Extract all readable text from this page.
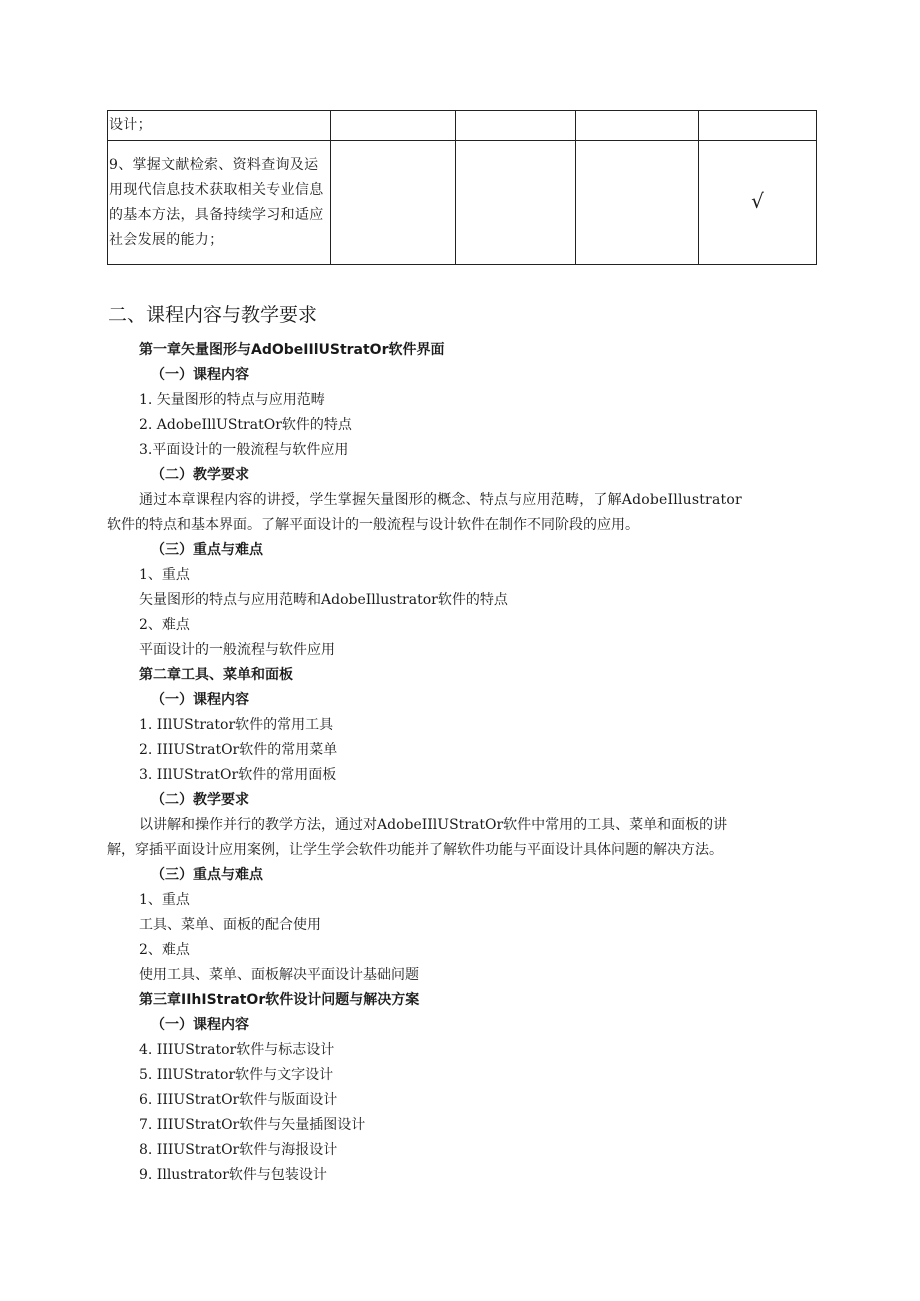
设计；				

9、掌握文献检索、资料查询及运用现代信息技术获取相关专业信息的基本方法，具备持续学习和适应社会发展的能力；				√
二、课程内容与教学要求
第一章矢量图形与AdObeIIlUStratOr软件界面
（一）课程内容
1. 矢量图形的特点与应用范畴
2. AdobeIllUStratOr软件的特点
3.平面设计的一般流程与软件应用
（二）教学要求
通过本章课程内容的讲授，学生掌握矢量图形的概念、特点与应用范畴，了解AdobeIllustrator
软件的特点和基本界面。了解平面设计的一般流程与设计软件在制作不同阶段的应用。
（三）重点与难点
1、重点
矢量图形的特点与应用范畴和AdobeIllustrator软件的特点
2、难点
平面设计的一般流程与软件应用
第二章工具、菜单和面板
（一）课程内容
1. IIlUStrator软件的常用工具
2. IIIUStratOr软件的常用菜单
3. IIlUStratOr软件的常用面板
（二）教学要求
以讲解和操作并行的教学方法，通过对AdobeIIlUStratOr软件中常用的工具、菜单和面板的讲
解，穿插平面设计应用案例，让学生学会软件功能并了解软件功能与平面设计具体问题的解决方法。
（三）重点与难点
1、重点
工具、菜单、面板的配合使用
2、难点
使用工具、菜单、面板解决平面设计基础问题
第三章IIhIStratOr软件设计问题与解决方案
（一）课程内容
4. IIIUStrator软件与标志设计
5. IIlUStrator软件与文字设计
6. IIIUStratOr软件与版面设计
7. IIIUStratOr软件与矢量插图设计
8. IIIUStratOr软件与海报设计
9. Illustrator软件与包装设计
